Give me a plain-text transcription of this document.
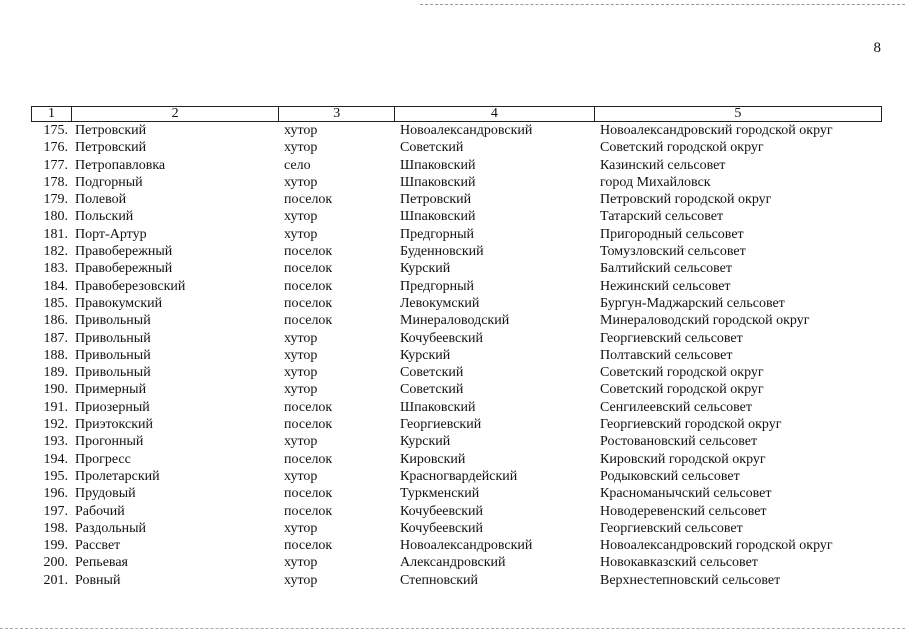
8
1	2	3	4	5
175. Петровский	хутор	Новоалександровский	Новоалександровский городской округ
176. Петровский	хутор	Советский	Советский городской округ
177. Петропавловка	село	Шпаковский	Казинский сельсовет
178. Подгорный	хутор	Шпаковский	город Михайловск
179. Полевой	поселок	Петровский	Петровский городской округ
180. Польский	хутор	Шпаковский	Татарский сельсовет
181. Порт-Артур	хутор	Предгорный	Пригородный сельсовет
182. Правобережный	поселок	Буденновский	Томузловский сельсовет
183. Правобережный	поселок	Курский	Балтийский сельсовет
184. Правоберезовский	поселок	Предгорный	Нежинский сельсовет
185. Правокумский	поселок	Левокумский	Бургун-Маджарский сельсовет
186. Привольный	поселок	Минераловодский	Минераловодский городской округ
187. Привольный	хутор	Кочубеевский	Георгиевский сельсовет
188. Привольный	хутор	Курский	Полтавский сельсовет
189. Привольный	хутор	Советский	Советский городской округ
190. Примерный	хутор	Советский	Советский городской округ
191. Приозерный	поселок	Шпаковский	Сенгилеевский сельсовет
192. Приэтокский	поселок	Георгиевский	Георгиевский городской округ
193. Прогонный	хутор	Курский	Ростовановский сельсовет
194. Прогресс	поселок	Кировский	Кировский городской округ
195. Пролетарский	хутор	Красногвардейский	Родыковский сельсовет
196. Прудовый	поселок	Туркменский	Красноманычский сельсовет
197. Рабочий	поселок	Кочубеевский	Новодеревенский сельсовет
198. Раздольный	хутор	Кочубеевский	Георгиевский сельсовет
199. Рассвет	поселок	Новоалександровский	Новоалександровский городской округ
200. Репьевая	хутор	Александровский	Новокавказский сельсовет
201. Ровный	хутор	Степновский	Верхнестепновский сельсовет
